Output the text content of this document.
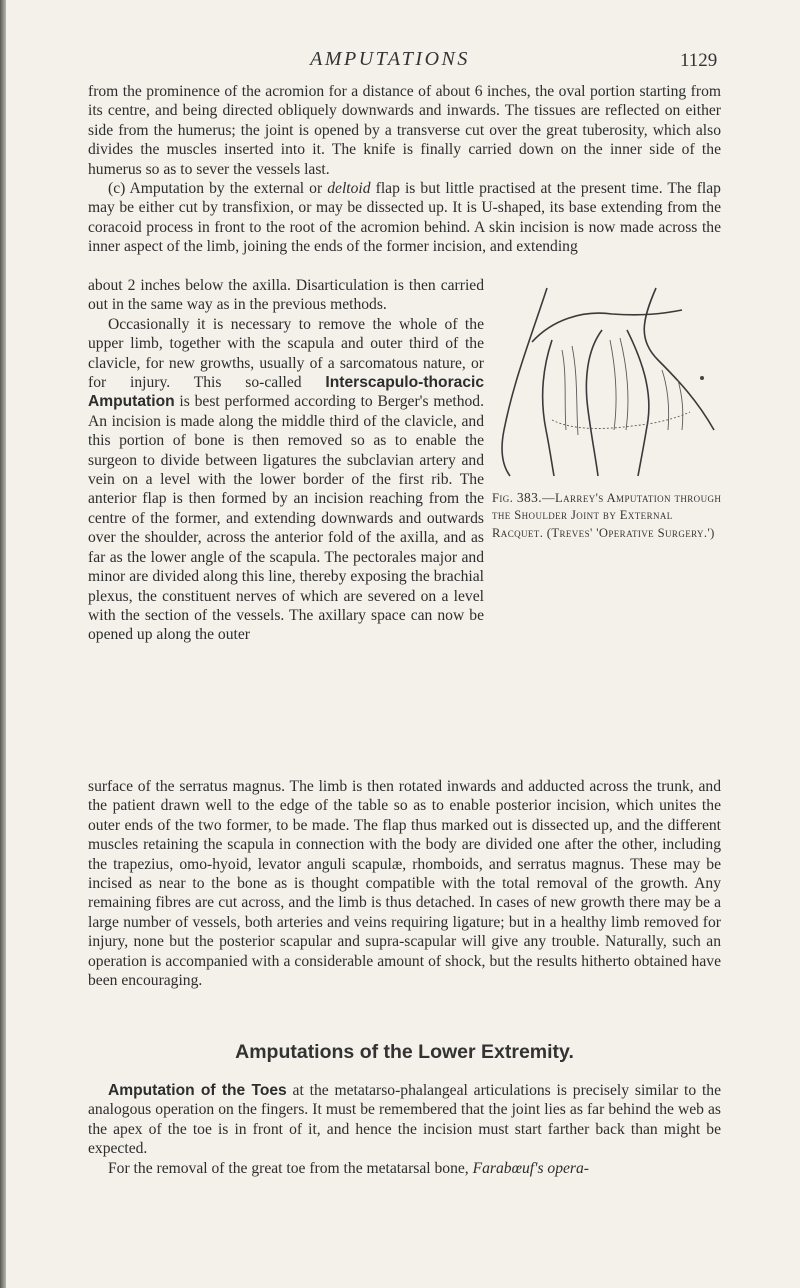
AMPUTATIONS	1129

from the prominence of the acromion for a distance of about 6 inches, the oval portion starting from its centre, and being directed obliquely downwards and inwards. The tissues are reflected on either side from the humerus; the joint is opened by a transverse cut over the great tuberosity, which also divides the muscles inserted into it. The knife is finally carried down on the inner side of the humerus so as to sever the vessels last.

(c) Amputation by the external or deltoid flap is but little practised at the present time. The flap may be either cut by transfixion, or may be dissected up. It is U-shaped, its base extending from the coracoid process in front to the root of the acromion behind. A skin incision is now made across the inner aspect of the limb, joining the ends of the former incision, and extending

about 2 inches below the axilla. Disarticulation is then carried out in the same way as in the previous methods.

Occasionally it is necessary to remove the whole of the upper limb, together with the scapula and outer third of the clavicle, for new growths, usually of a sarcomatous nature, or for injury. This so-called Interscapulo-thoracic Amputation is best performed according to Berger's method. An incision is made along the middle third of the clavicle, and this portion of bone is then removed so as to enable the surgeon to divide between ligatures the subclavian artery and vein on a level with the lower border of the first rib. The anterior flap is then formed by an incision reaching from the centre of the former, and extending downwards and outwards over the shoulder, across the anterior fold of the axilla, and as far as the lower angle of the scapula. The pectorales major and minor are divided along this line, thereby exposing the brachial plexus, the constituent nerves of which are severed on a level with the section of the vessels. The axillary space can now be opened up along the outer

Fig. 383.—Larrey's Amputation through the Shoulder Joint by External Racquet. (Treves' 'Operative Surgery.')

surface of the serratus magnus. The limb is then rotated inwards and adducted across the trunk, and the patient drawn well to the edge of the table so as to enable posterior incision, which unites the outer ends of the two former, to be made. The flap thus marked out is dissected up, and the different muscles retaining the scapula in connection with the body are divided one after the other, including the trapezius, omo-hyoid, levator anguli scapulæ, rhomboids, and serratus magnus. These may be incised as near to the bone as is thought compatible with the total removal of the growth. Any remaining fibres are cut across, and the limb is thus detached. In cases of new growth there may be a large number of vessels, both arteries and veins requiring ligature; but in a healthy limb removed for injury, none but the posterior scapular and supra-scapular will give any trouble. Naturally, such an operation is accompanied with a considerable amount of shock, but the results hitherto obtained have been encouraging.

Amputations of the Lower Extremity.

Amputation of the Toes at the metatarso-phalangeal articulations is precisely similar to the analogous operation on the fingers. It must be remembered that the joint lies as far behind the web as the apex of the toe is in front of it, and hence the incision must start farther back than might be expected.

For the removal of the great toe from the metatarsal bone, Farabœuf's opera-
